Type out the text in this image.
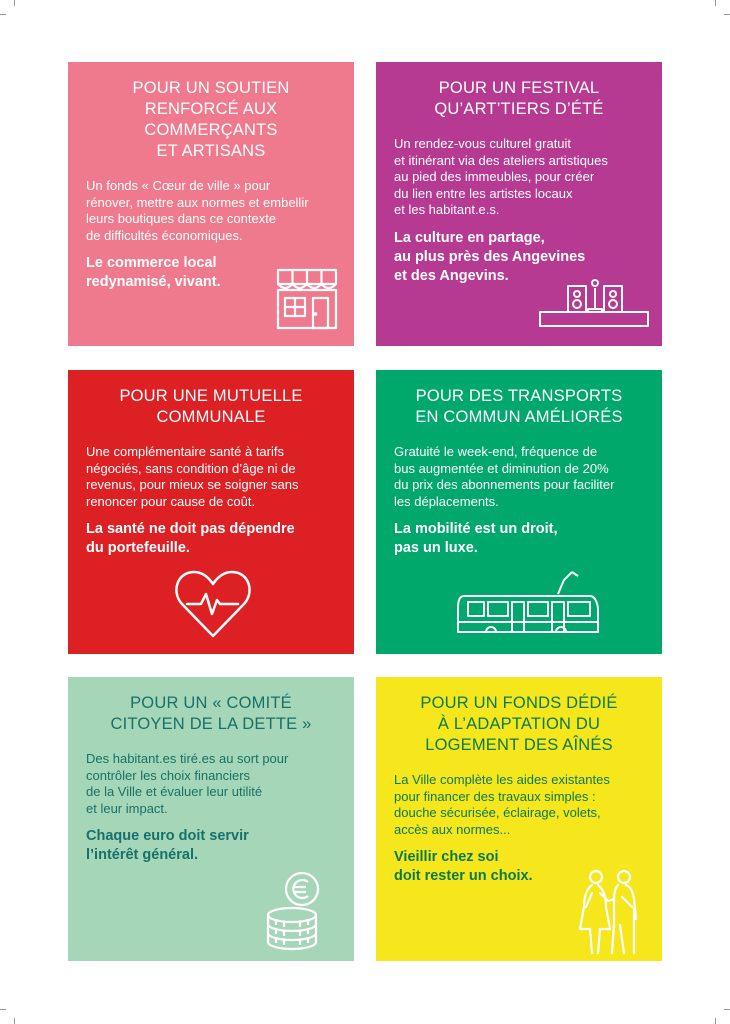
POUR UN SOUTIEN
RENFORCÉ AUX
COMMERÇANTS
ET ARTISANS

Un fonds « Cœur de ville » pour
rénover, mettre aux normes et embellir
leurs boutiques dans ce contexte
de difficultés économiques.

Le commerce local
redynamisé, vivant.

POUR UN FESTIVAL
QU’ART’TIERS D’ÉTÉ

Un rendez-vous culturel gratuit
et itinérant via des ateliers artistiques
au pied des immeubles, pour créer
du lien entre les artistes locaux
et les habitant.e.s.

La culture en partage,
au plus près des Angevines
et des Angevins.

POUR UNE MUTUELLE
COMMUNALE

Une complémentaire santé à tarifs
négociés, sans condition d’âge ni de
revenus, pour mieux se soigner sans
renoncer pour cause de coût.

La santé ne doit pas dépendre
du portefeuille.

POUR DES TRANSPORTS
EN COMMUN AMÉLIORÉS

Gratuité le week-end, fréquence de
bus augmentée et diminution de 20%
du prix des abonnements pour faciliter
les déplacements.

La mobilité est un droit,
pas un luxe.

POUR UN « COMITÉ
CITOYEN DE LA DETTE »

Des habitant.es tiré.es au sort pour
contrôler les choix financiers
de la Ville et évaluer leur utilité
et leur impact.

Chaque euro doit servir
l’intérêt général.

POUR UN FONDS DÉDIÉ
À L’ADAPTATION DU
LOGEMENT DES AÎNÉS

La Ville complète les aides existantes
pour financer des travaux simples :
douche sécurisée, éclairage, volets,
accès aux normes...

Vieillir chez soi
doit rester un choix.
